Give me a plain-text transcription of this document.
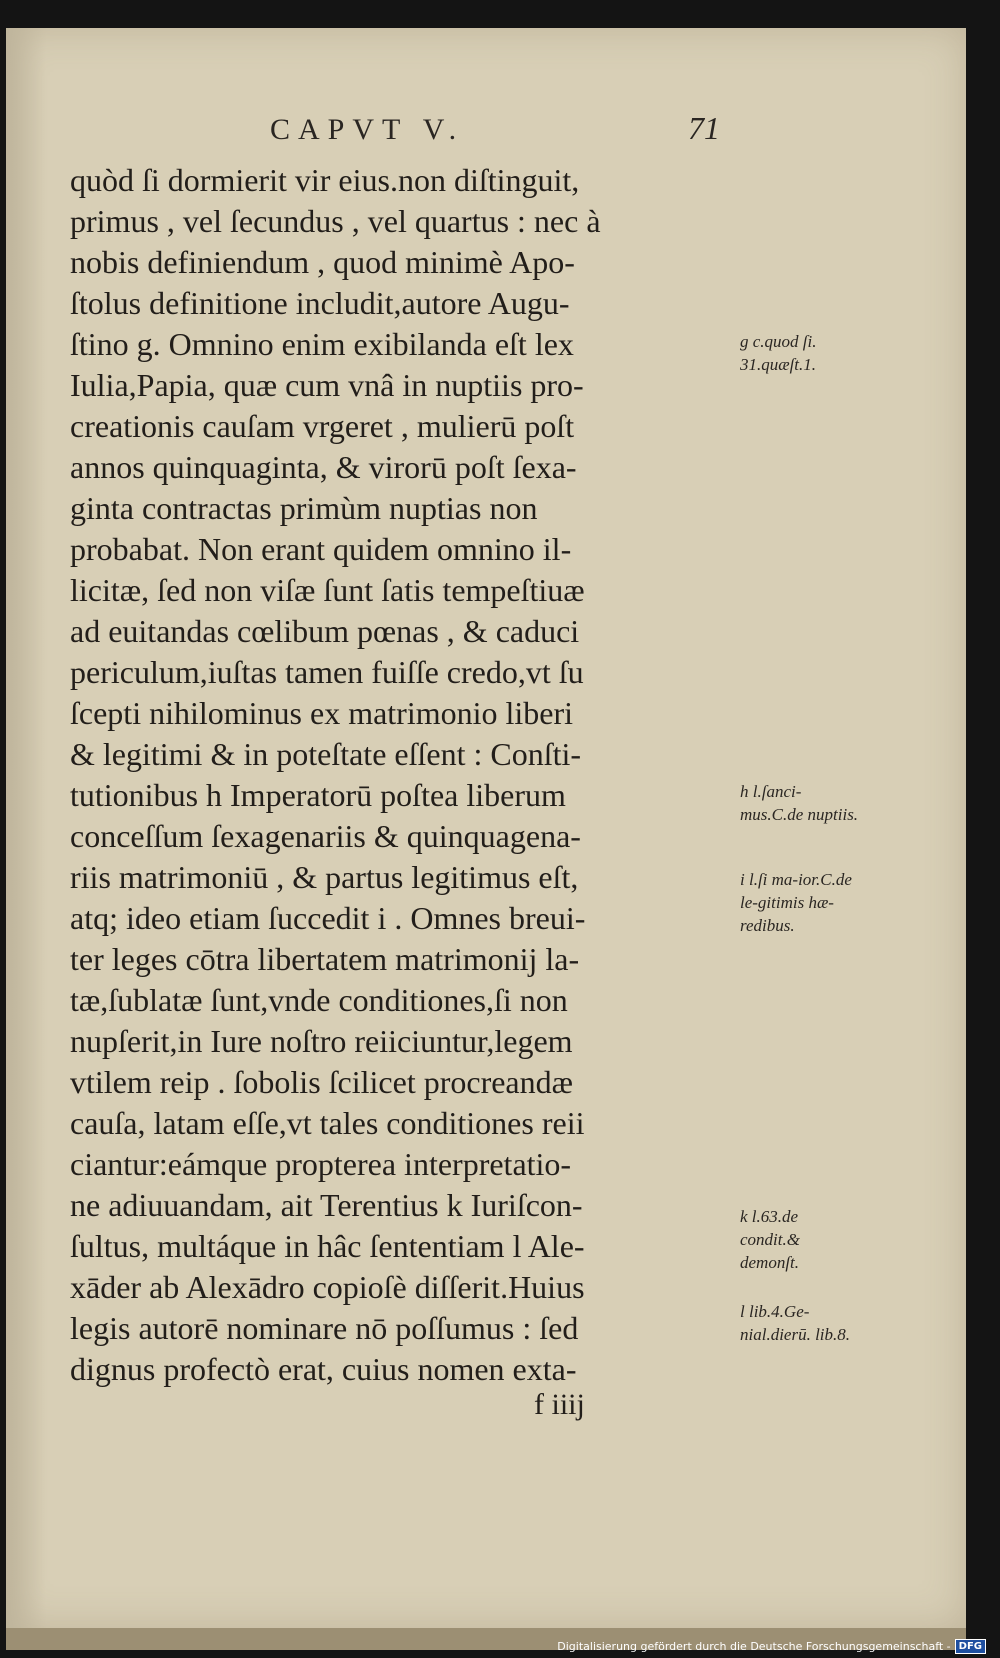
CAPVT V.	71
quòd ſi dormierit vir eius.non diſtinguit,
primus , vel ſecundus , vel quartus : nec à
nobis definiendum , quod minimè Apo-
ſtolus definitione includit,autore Augu-
ſtino g. Omnino enim exibilanda eſt lex
Iulia,Papia, quæ cum vnâ in nuptiis pro-
creationis cauſam vrgeret , mulierū poſt
annos quinquaginta, & virorū poſt ſexa-
ginta contractas primùm nuptias non
probabat. Non erant quidem omnino il-
licitæ, ſed non viſæ ſunt ſatis tempeſtiuæ
ad euitandas cœlibum pœnas , & caduci
periculum,iuſtas tamen fuiſſe credo,vt ſu
ſcepti nihilominus ex matrimonio liberi
& legitimi & in poteſtate eſſent : Conſti-
tutionibus h Imperatorū poſtea liberum
conceſſum ſexagenariis & quinquagena-
riis matrimoniū , & partus legitimus eſt,
atq; ideo etiam ſuccedit i . Omnes breui-
ter leges cōtra libertatem matrimonij la-
tæ,ſublatæ ſunt,vnde conditiones,ſi non
nupſerit,in Iure noſtro reiiciuntur,legem
vtilem reip . ſobolis ſcilicet procreandæ
cauſa, latam eſſe,vt tales conditiones reii
ciantur:eámque propterea interpretatio-
ne adiuuandam, ait Terentius k Iuriſcon-
ſultus, multáque in hâc ſententiam l Ale-
xāder ab Alexādro copioſè diſſerit.Huius
legis autorē nominare nō poſſumus : ſed
dignus profectò erat, cuius nomen exta-
g c.quod ſi. 31.quæſt.1.
h l.ſanci-mus.C.de nuptiis.
i l.ſi ma-ior.C.de le-gitimis hæ-redibus.
k l.63.de condit.& demonſt.
l lib.4.Ge-nial.dierū. lib.8.
f iiij
Digitalisierung gefördert durch die Deutsche Forschungsgemeinschaft - DFG
